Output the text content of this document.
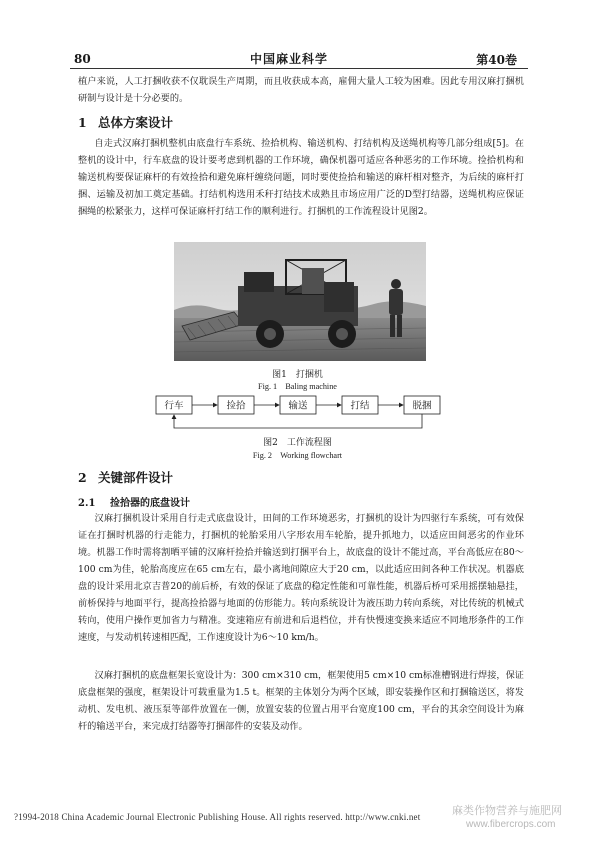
80	中国麻业科学	第40卷
植户来说，人工打捆收获不仅耽误生产周期，而且收获成本高，雇佣大量人工较为困难。因此专用汉麻打捆机研制与设计是十分必要的。
1 总体方案设计
自走式汉麻打捆机整机由底盘行车系统、捡拾机构、输送机构、打结机构及送绳机构等几部分组成[5]。在整机的设计中，行车底盘的设计要考虑到机器的工作环境，确保机器可适应各种恶劣的工作环境。捡拾机构和输送机构要保证麻杆的有效捡拾和避免麻杆缠绕问题，同时要使捡拾和输送的麻杆相对整齐，为后续的麻杆打捆、运输及初加工奠定基础。打结机构选用禾秆打结技术成熟且市场应用广泛的D型打结器，送绳机构应保证捆绳的松紧张力，这样可保证麻杆打结工作的顺利进行。打捆机的工作流程设计见图2。
图1　打捆机
Fig. 1　Baling machine
行车	捡拾	输送	打结	脱捆
图2　工作流程图
Fig. 2　Working flowchart
2 关键部件设计
2.1 捡拾器的底盘设计
汉麻打捆机设计采用自行走式底盘设计，田间的工作环境恶劣，打捆机的设计为四驱行车系统，可有效保证在打捆时机器的行走能力，打捆机的轮胎采用八字形农用车轮胎，提升抓地力，以适应田间恶劣的作业环境。机器工作时需将割晒平铺的汉麻杆捡拾并输送到打捆平台上，故底盘的设计不能过高，平台高低应在80～100 cm为佳，轮胎高度应在65 cm左右，最小离地间隙应大于20 cm，以此适应田间各种工作状况。机器底盘的设计采用北京吉普20的前后桥，有效的保证了底盘的稳定性能和可靠性能，机器后桥可采用摇摆轴悬挂，前桥保持与地面平行，提高捡拾器与地面的仿形能力。转向系统设计为液压助力转向系统，对比传统的机械式转向，使用户操作更加省力与精准。变速箱应有前进和后退档位，并有快慢速变换来适应不同地形条件的工作速度，与发动机转速相匹配，工作速度设计为6～10 km/h。
汉麻打捆机的底盘框架长宽设计为：300 cm×310 cm，框架使用5 cm×10 cm标准槽钢进行焊接，保证底盘框架的强度，框架设计可载重量为1.5 t。框架的主体划分为两个区域，即安装操作区和打捆输送区，将发动机、发电机、液压泵等部件放置在一侧，放置安装的位置占用平台宽度100 cm，平台的其余空间设计为麻杆的输送平台，来完成打结器等打捆部件的安装及动作。
?1994-2018 China Academic Journal Electronic Publishing House. All rights reserved. http://www.cnki.net	麻类作物营养与施肥网
www.fibercrops.com
